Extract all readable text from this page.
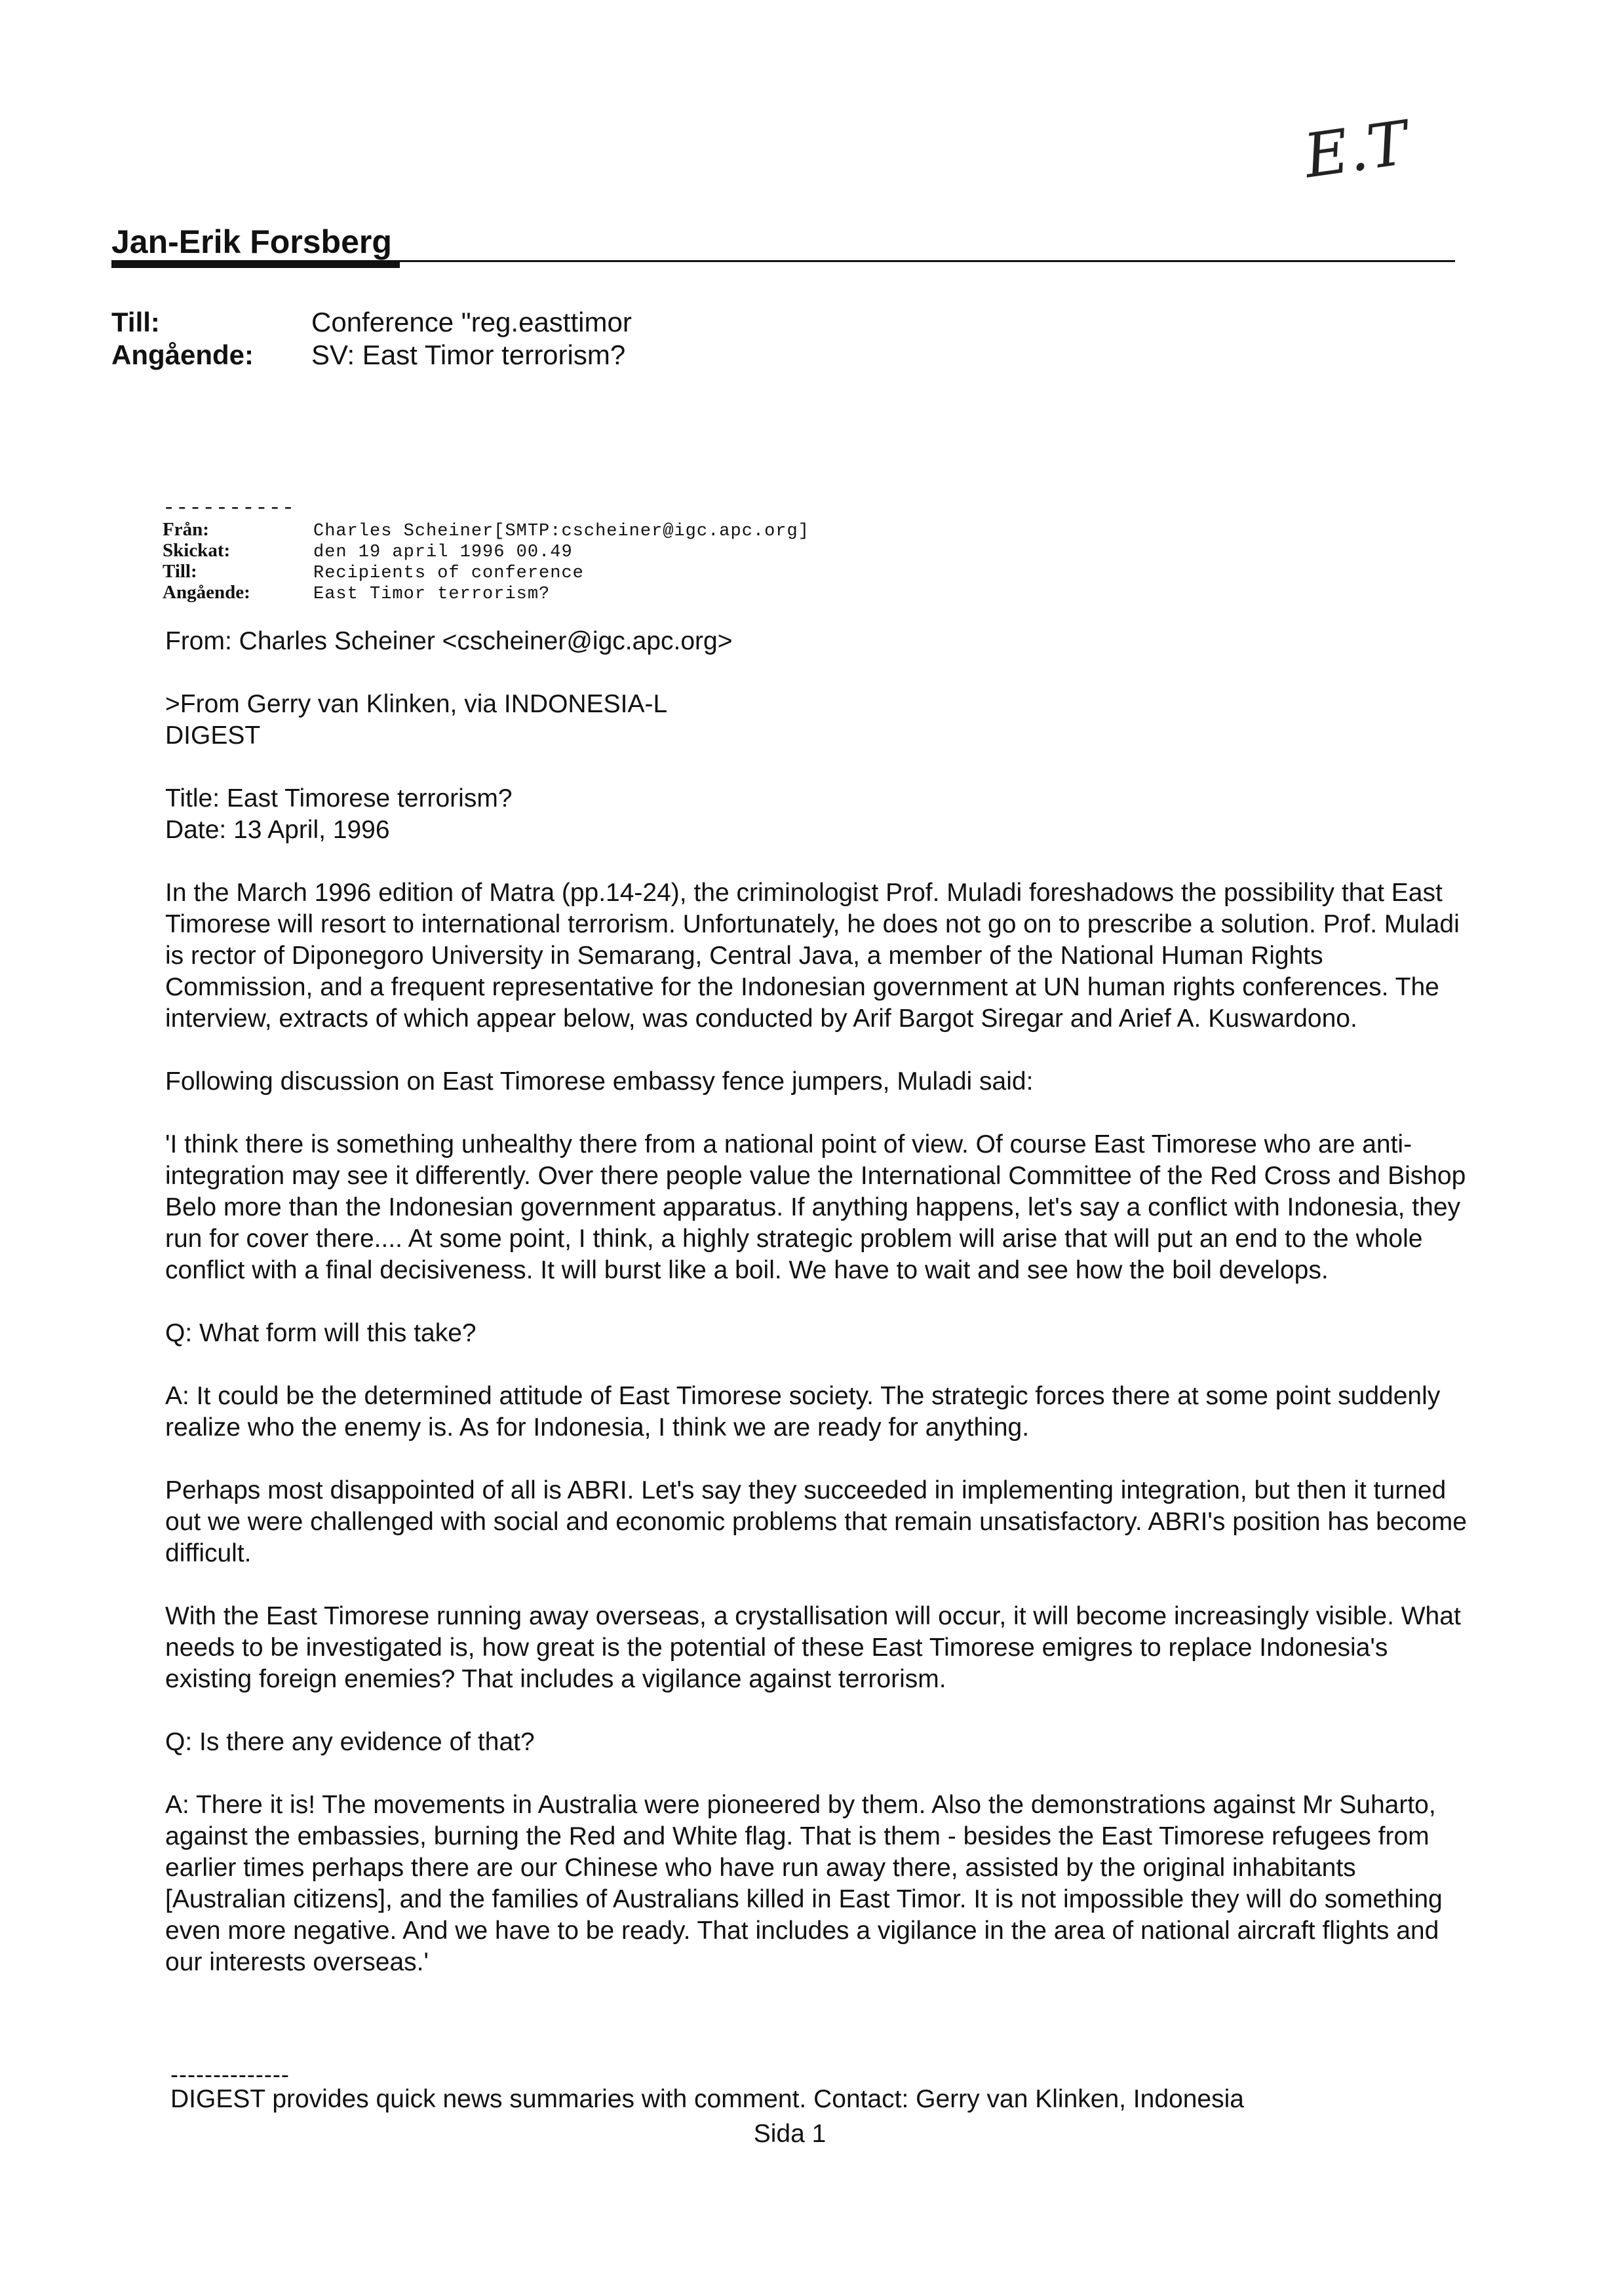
E.T
Jan-Erik Forsberg
Till:	Conference "reg.easttimor
Angående: SV: East Timor terrorism?
----------
Från:	Charles Scheiner[SMTP:cscheiner@igc.apc.org]
Skickat:	den 19 april 1996 00.49
Till:	Recipients of conference
Angående:	East Timor terrorism?

From: Charles Scheiner <cscheiner@igc.apc.org>

>From Gerry van Klinken, via INDONESIA-L

DIGEST

Title: East Timorese terrorism?

Date: 13 April, 1996

In the March 1996 edition of Matra (pp.14-24), the criminologist Prof. Muladi foreshadows the possibility that East Timorese will resort to international terrorism. Unfortunately, he does not go on to prescribe a solution. Prof. Muladi is rector of Diponegoro University in Semarang, Central Java, a member of the National Human Rights Commission, and a frequent representative for the Indonesian government at UN human rights conferences. The interview, extracts of which appear below, was conducted by Arif Bargot Siregar and Arief A. Kuswardono.

Following discussion on East Timorese embassy fence jumpers, Muladi said:

'I think there is something unhealthy there from a national point of view. Of course East Timorese who are anti-integration may see it differently. Over there people value the International Committee of the Red Cross and Bishop Belo more than the Indonesian government apparatus. If anything happens, let's say a conflict with Indonesia, they run for cover there.... At some point, I think, a highly strategic problem will arise that will put an end to the whole conflict with a final decisiveness. It will burst like a boil. We have to wait and see how the boil develops.

Q: What form will this take?

A: It could be the determined attitude of East Timorese society. The strategic forces there at some point suddenly realize who the enemy is. As for Indonesia, I think we are ready for anything.

Perhaps most disappointed of all is ABRI. Let's say they succeeded in implementing integration, but then it turned out we were challenged with social and economic problems that remain unsatisfactory. ABRI's position has become difficult.

With the East Timorese running away overseas, a crystallisation will occur, it will become increasingly visible. What needs to be investigated is, how great is the potential of these East Timorese emigres to replace Indonesia's existing foreign enemies? That includes a vigilance against terrorism.

Q: Is there any evidence of that?

A: There it is! The movements in Australia were pioneered by them. Also the demonstrations against Mr Suharto, against the embassies, burning the Red and White flag. That is them - besides the East Timorese refugees from earlier times perhaps there are our Chinese who have run away there, assisted by the original inhabitants [Australian citizens], and the families of Australians killed in East Timor. It is not impossible they will do something even more negative. And we have to be ready. That includes a vigilance in the area of national aircraft flights and our interests overseas.'

--------------
DIGEST provides quick news summaries with comment. Contact: Gerry van Klinken, Indonesia
Sida 1
